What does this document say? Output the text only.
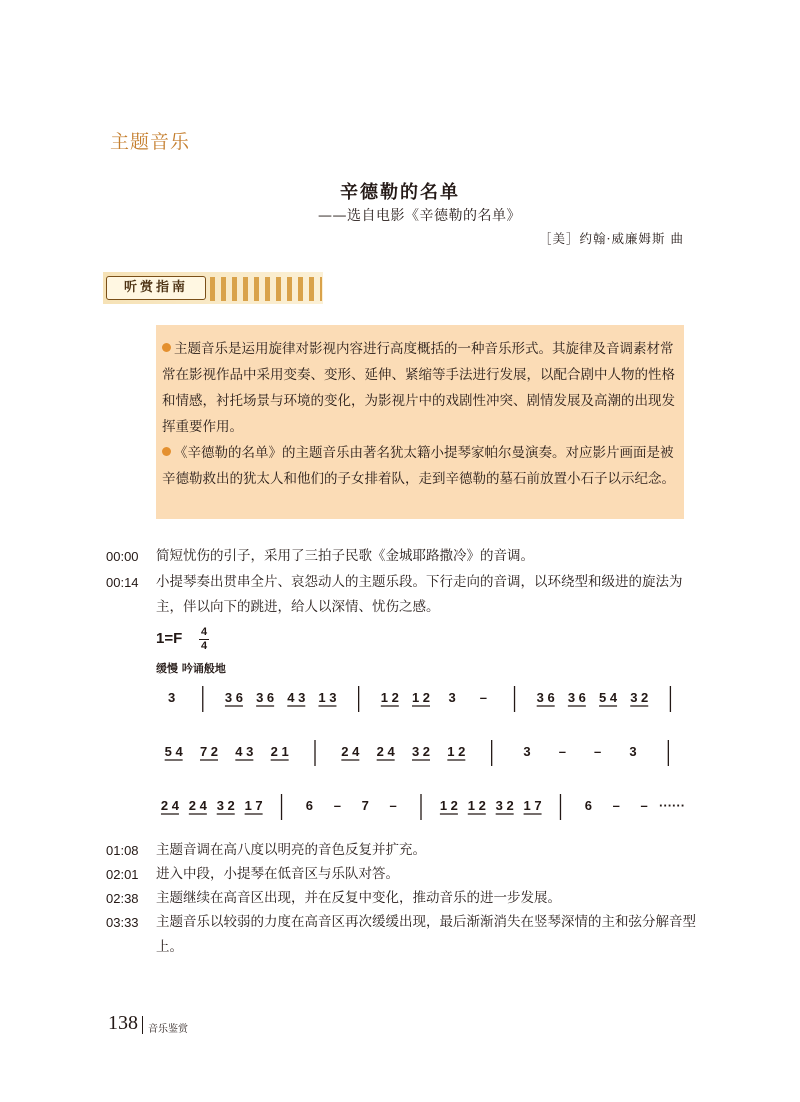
主题音乐
辛德勒的名单
——选自电影《辛德勒的名单》
［美］约翰·威廉姆斯 曲
听赏指南

主题音乐是运用旋律对影视内容进行高度概括的一种音乐形式。其旋律及音调素材常常在影视作品中采用变奏、变形、延伸、紧缩等手法进行发展，以配合剧中人物的性格和情感，衬托场景与环境的变化，为影视片中的戏剧性冲突、剧情发展及高潮的出现发挥重要作用。

《辛德勒的名单》的主题音乐由著名犹太籍小提琴家帕尔曼演奏。对应影片画面是被辛德勒救出的犹太人和他们的子女排着队，走到辛德勒的墓石前放置小石子以示纪念。

00:00	简短忧伤的引子，采用了三拍子民歌《金城耶路撒冷》的音调。
00:14	小提琴奏出贯串全片、哀怨动人的主题乐段。下行走向的音调，以环绕型和级进的旋法为主，伴以向下的跳进，给人以深情、忧伤之感。
1=F 4
4
缓慢 吟诵般地
3	3 6 3 6 4 3 1 3	1 2 1 2 3 –	3 6 3 6 5 4 3 2
5 4 7 2 4 3 2 1	2 4 2 4 3 2 1 2	3 – – 3
2 4 2 4 3 2 1 7	6 – 7 –	1 2 1 2 3 2 1 7	6 – – ······
01:08	主题音调在高八度以明亮的音色反复并扩充。
02:01	进入中段，小提琴在低音区与乐队对答。
02:38	主题继续在高音区出现，并在反复中变化，推动音乐的进一步发展。
03:33	主题音乐以较弱的力度在高音区再次缓缓出现，最后渐渐消失在竖琴深情的主和弦分解音型上。
138 音乐鉴赏
